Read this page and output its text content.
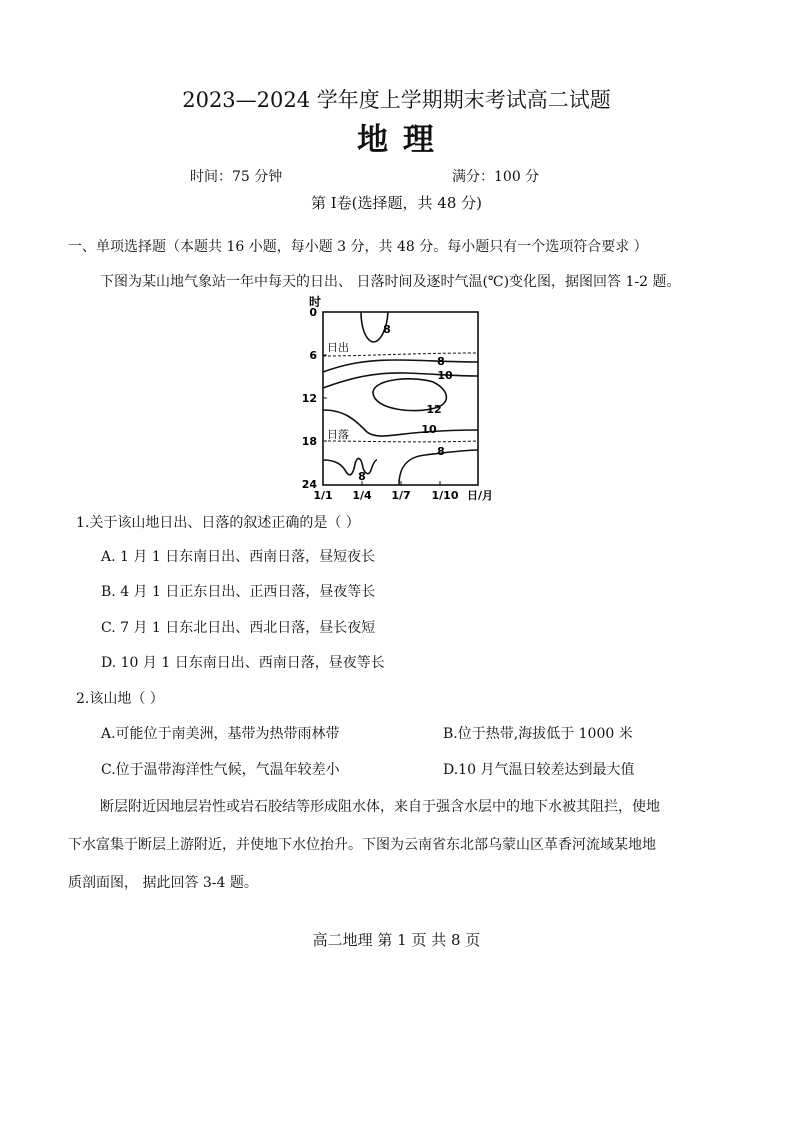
2023—2024 学年度上学期期末考试高二试题
地 理
时间：75 分钟	满分：100 分
第 Ⅰ卷(选择题，共 48 分)
一、单项选择题（本题共 16 小题，每小题 3 分，共 48 分。每小题只有一个选项符合要求 ）
下图为某山地气象站一年中每天的日出、 日落时间及逐时气温(℃)变化图，据图回答 1-2 题。
时
0
6
12
18
24
1/1 1/4 1/7 1/10 日/月
日出
日落
8
8
10
12
10
8
8
1.关于该山地日出、日落的叙述正确的是（ ）
A. 1 月 1 日东南日出、西南日落，昼短夜长
B. 4 月 1 日正东日出、正西日落，昼夜等长
C. 7 月 1 日东北日出、西北日落，昼长夜短
D. 10 月 1 日东南日出、西南日落，昼夜等长
2.该山地（ ）
A.可能位于南美洲，基带为热带雨林带	B.位于热带,海拔低于 1000 米
C.位于温带海洋性气候，气温年较差小	D.10 月气温日较差达到最大值
断层附近因地层岩性或岩石胶结等形成阻水体，来自于强含水层中的地下水被其阻拦，使地
下水富集于断层上游附近，并使地下水位抬升。下图为云南省东北部乌蒙山区革香河流域某地地
质剖面图， 据此回答 3-4 题。
高二地理 第 1 页 共 8 页
